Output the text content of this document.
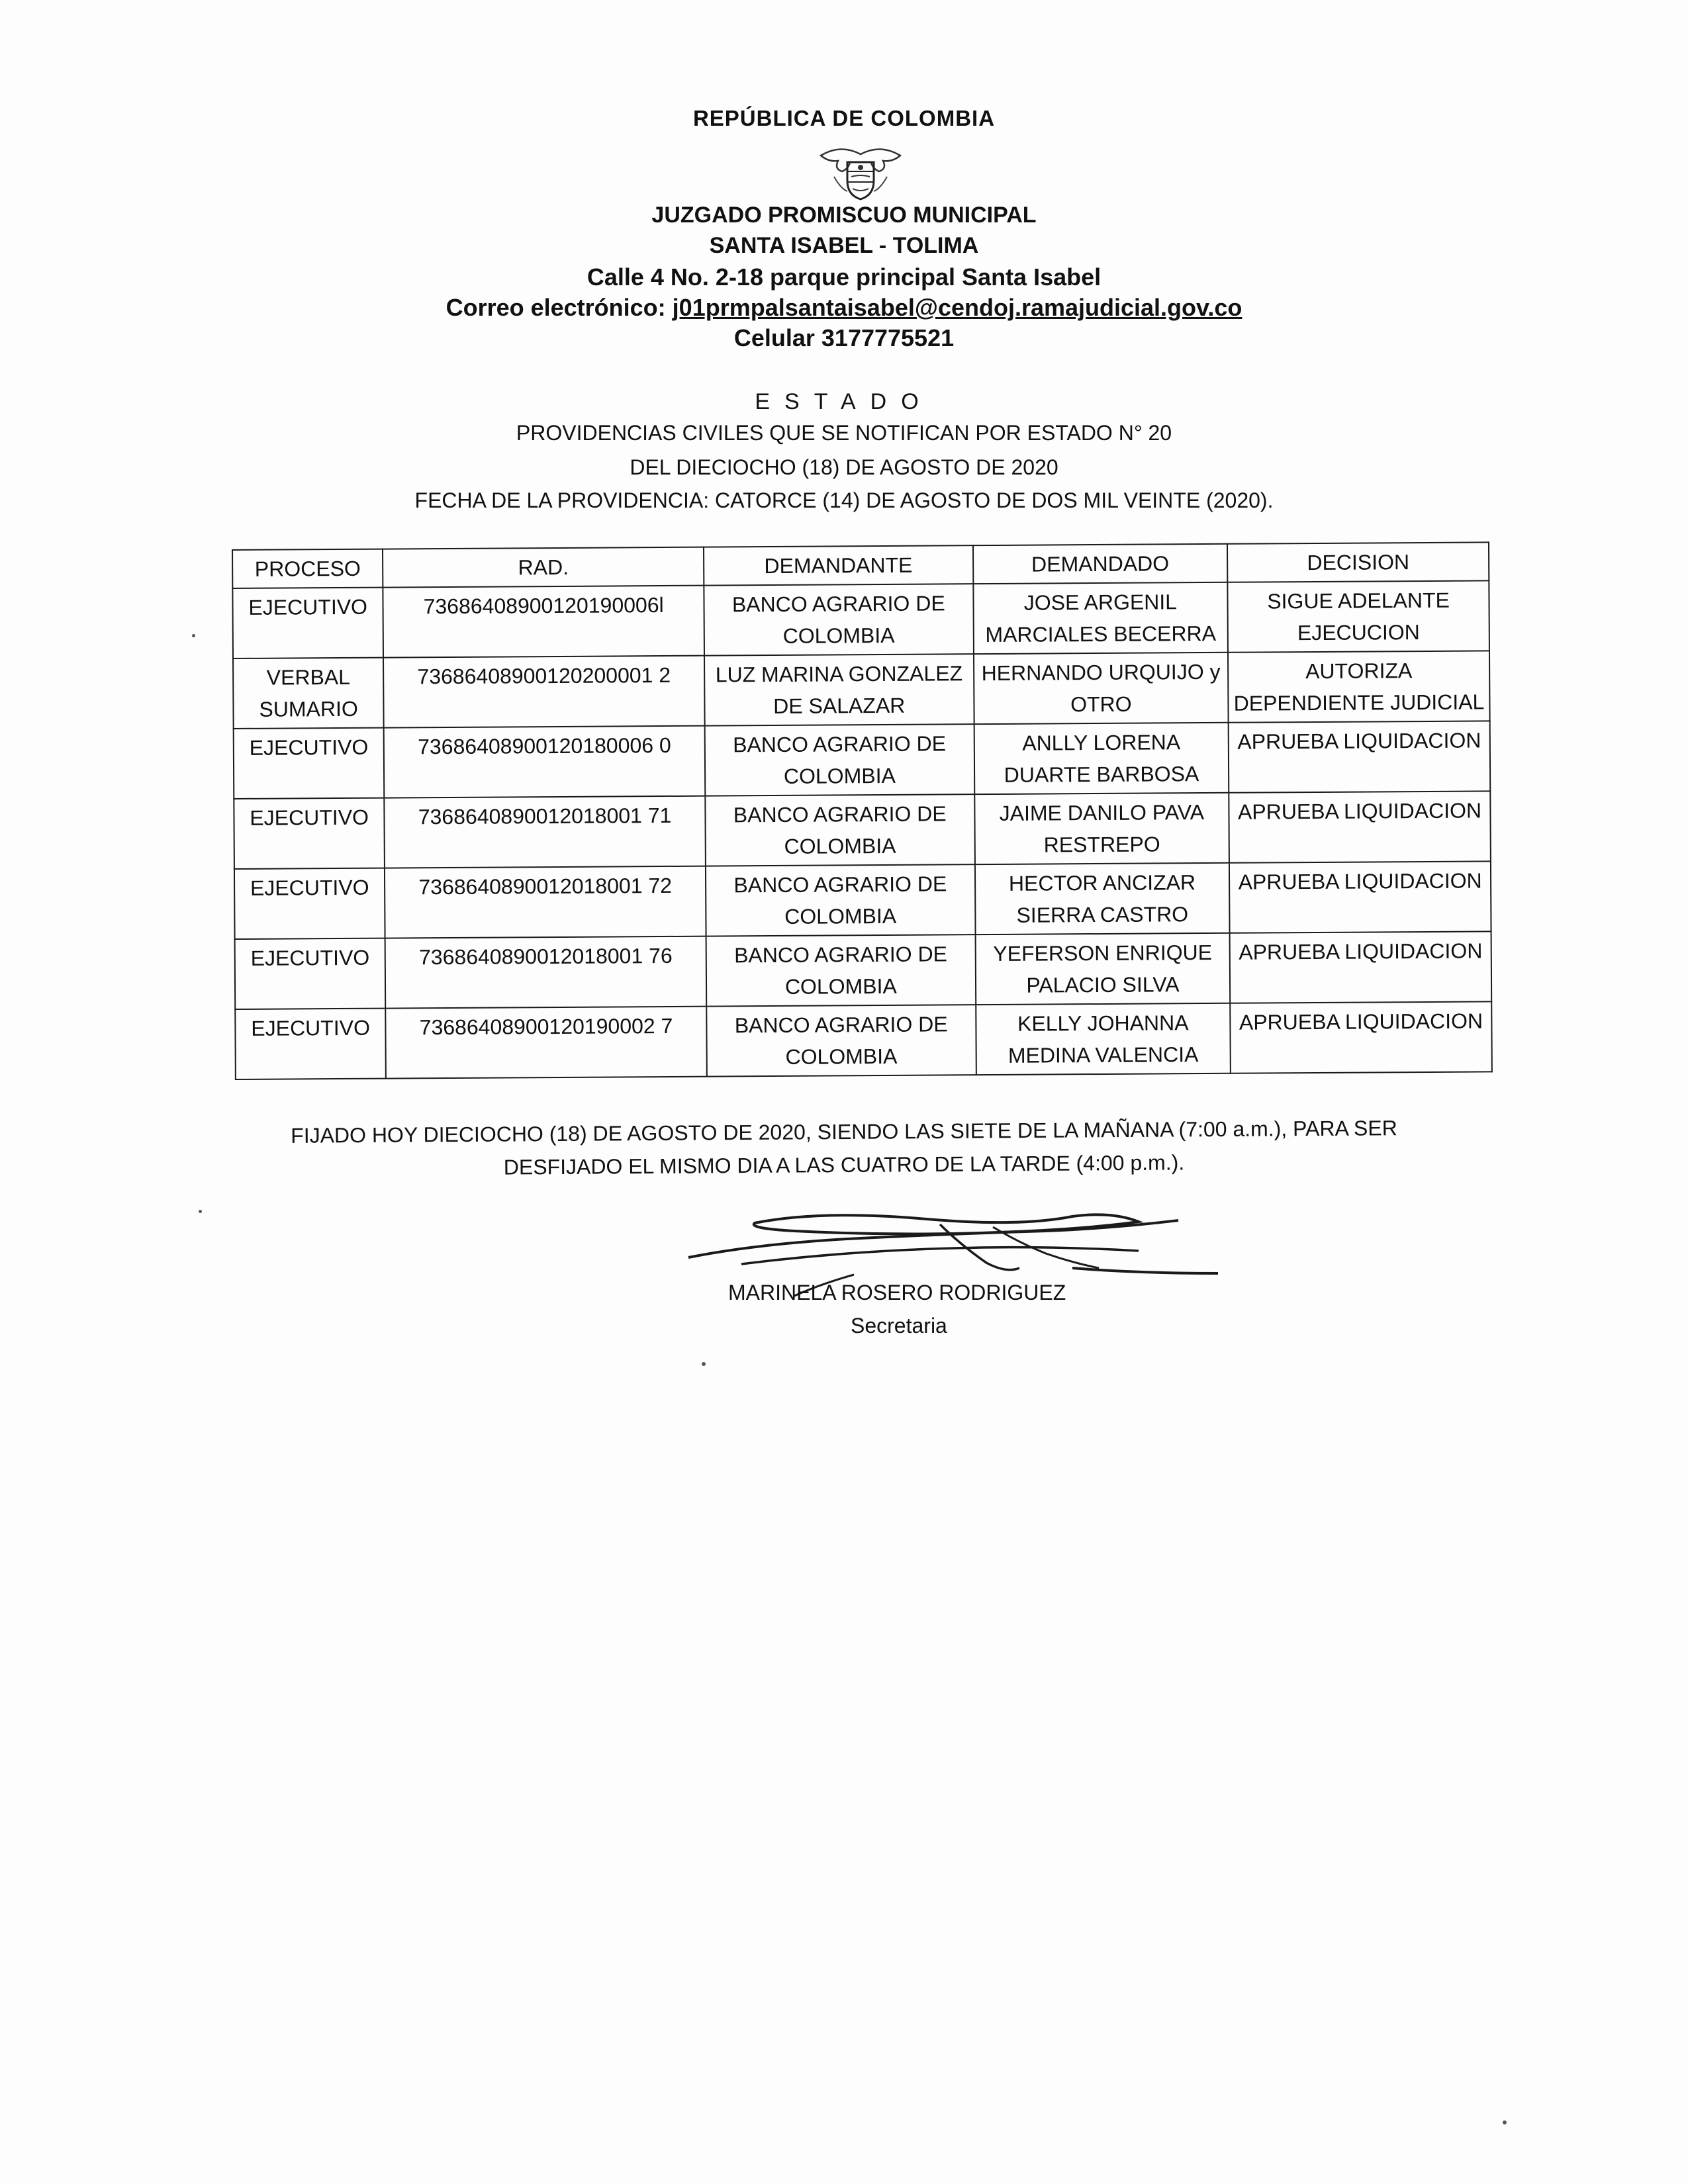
REPÚBLICA DE COLOMBIA
JUZGADO PROMISCUO MUNICIPAL
SANTA ISABEL - TOLIMA
Calle 4 No. 2-18 parque principal Santa Isabel
Correo electrónico: j01prmpalsantaisabel@cendoj.ramajudicial.gov.co
Celular 3177775521
ESTADO
PROVIDENCIAS CIVILES QUE SE NOTIFICAN POR ESTADO N° 20
DEL DIECIOCHO (18) DE AGOSTO DE 2020
FECHA DE LA PROVIDENCIA: CATORCE (14) DE AGOSTO DE DOS MIL VEINTE (2020).
PROCESO	RAD.	DEMANDANTE	DEMANDADO	DECISION
EJECUTIVO	73686408900120190006l	BANCO AGRARIO DE COLOMBIA	JOSE ARGENIL MARCIALES BECERRA	SIGUE ADELANTE EJECUCION
VERBAL SUMARIO	73686408900120200001 2	LUZ MARINA GONZALEZ DE SALAZAR	HERNANDO URQUIJO y OTRO	AUTORIZA DEPENDIENTE JUDICIAL
EJECUTIVO	73686408900120180006 0	BANCO AGRARIO DE COLOMBIA	ANLLY LORENA DUARTE BARBOSA	APRUEBA LIQUIDACION
EJECUTIVO	7368640890012018001 71	BANCO AGRARIO DE COLOMBIA	JAIME DANILO PAVA RESTREPO	APRUEBA LIQUIDACION
EJECUTIVO	7368640890012018001 72	BANCO AGRARIO DE COLOMBIA	HECTOR ANCIZAR SIERRA CASTRO	APRUEBA LIQUIDACION
EJECUTIVO	7368640890012018001 76	BANCO AGRARIO DE COLOMBIA	YEFERSON ENRIQUE PALACIO SILVA	APRUEBA LIQUIDACION
EJECUTIVO	73686408900120190002 7	BANCO AGRARIO DE COLOMBIA	KELLY JOHANNA MEDINA VALENCIA	APRUEBA LIQUIDACION
FIJADO HOY DIECIOCHO (18) DE AGOSTO DE 2020, SIENDO LAS SIETE DE LA MAÑANA (7:00 a.m.), PARA SER
DESFIJADO EL MISMO DIA A LAS CUATRO DE LA TARDE (4:00 p.m.).
MARINELA ROSERO RODRIGUEZ
Secretaria
